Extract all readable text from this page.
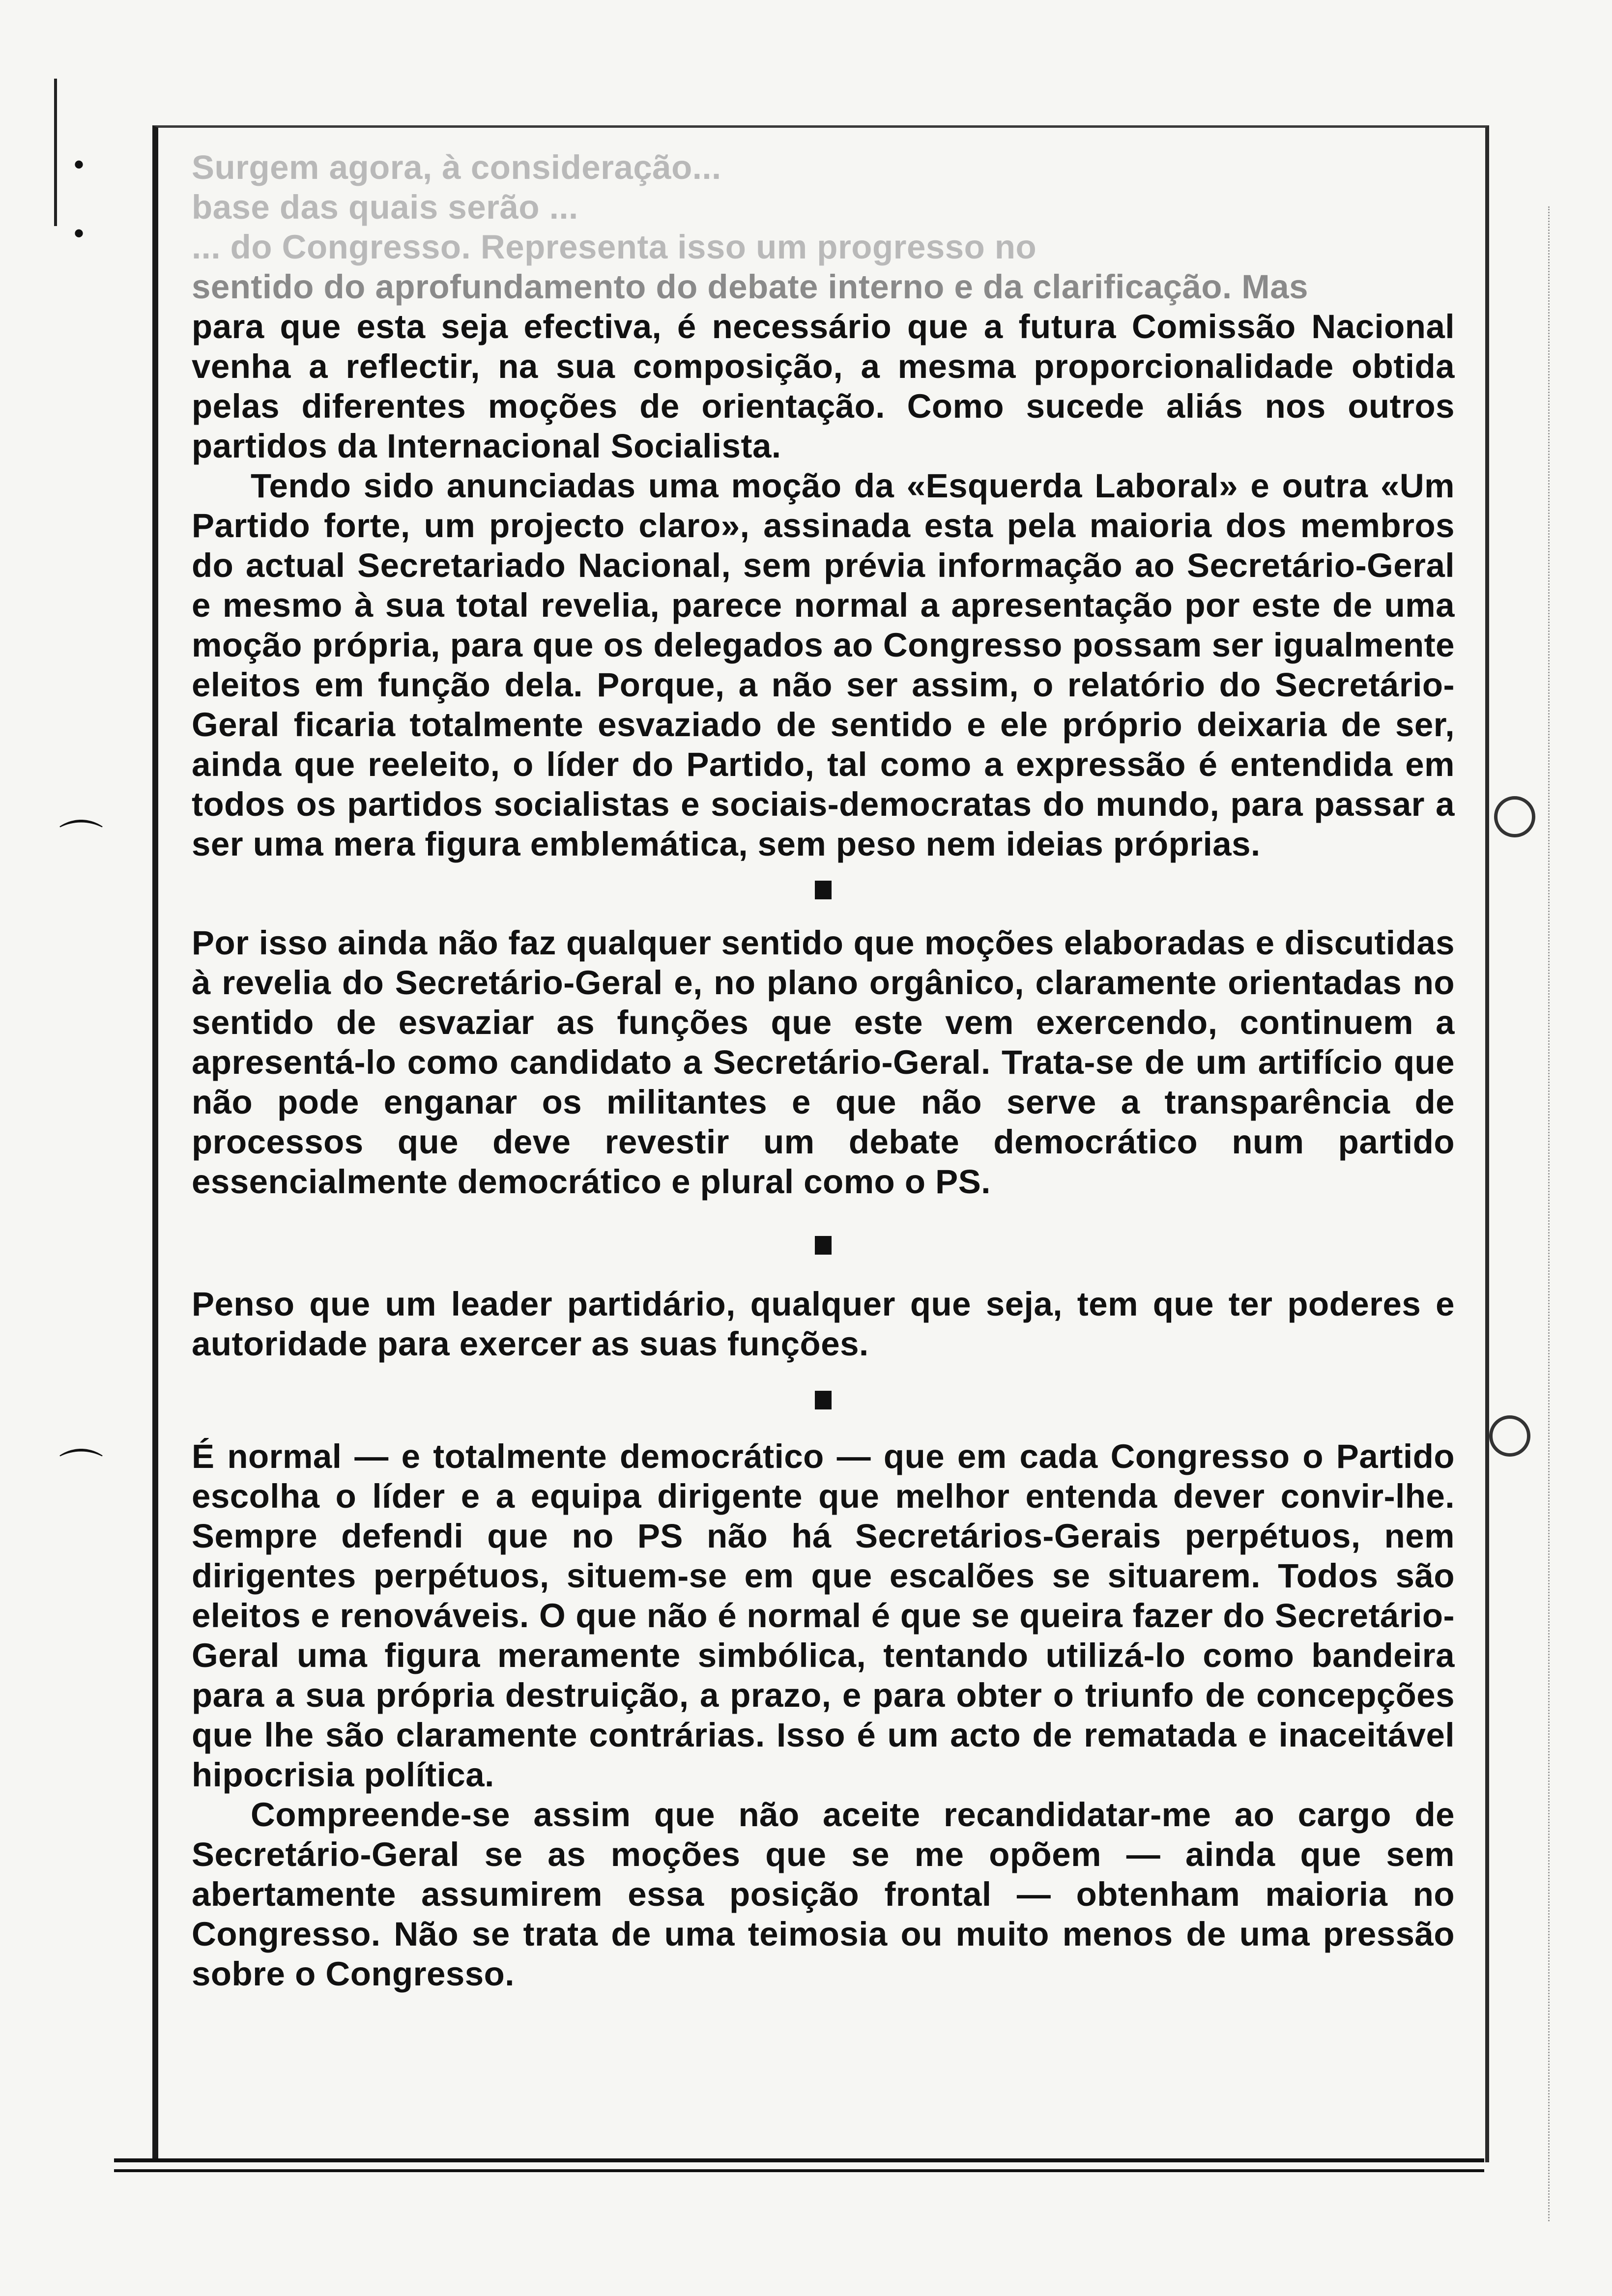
•
•
⌒
⌒

Surgem agora, à consideração...

base das quais serão ...

... do Congresso. Representa isso um progresso no

sentido do aprofundamento do debate interno e da clarificação. Mas

para que esta seja efectiva, é necessário que a futura Comissão Nacional venha a reflectir, na sua composição, a mesma proporcionalidade obtida pelas diferentes moções de orientação. Como sucede aliás nos outros partidos da Internacional Socialista.

Tendo sido anunciadas uma moção da «Esquerda Laboral» e outra «Um Partido forte, um projecto claro», assinada esta pela maioria dos membros do actual Secretariado Nacional, sem prévia informação ao Secretário-Geral e mesmo à sua total revelia, parece normal a apresentação por este de uma moção própria, para que os delegados ao Congresso possam ser igualmente eleitos em função dela. Porque, a não ser assim, o relatório do Secretário-Geral ficaria totalmente esvaziado de sentido e ele próprio deixaria de ser, ainda que reeleito, o líder do Partido, tal como a expressão é entendida em todos os partidos socialistas e sociais-democratas do mundo, para passar a ser uma mera figura emblemática, sem peso nem ideias próprias.

Por isso ainda não faz qualquer sentido que moções elaboradas e discutidas à revelia do Secretário-Geral e, no plano orgânico, claramente orientadas no sentido de esvaziar as funções que este vem exercendo, continuem a apresentá-lo como candidato a Secretário-Geral. Trata-se de um artifício que não pode enganar os militantes e que não serve a transparência de processos que deve revestir um debate democrático num partido essencialmente democrático e plural como o PS.

Penso que um leader partidário, qualquer que seja, tem que ter poderes e autoridade para exercer as suas funções.

É normal — e totalmente democrático — que em cada Congresso o Partido escolha o líder e a equipa dirigente que melhor entenda dever convir-lhe. Sempre defendi que no PS não há Secretários-Gerais perpétuos, nem dirigentes perpétuos, situem-se em que escalões se situarem. Todos são eleitos e renováveis. O que não é normal é que se queira fazer do Secretário-Geral uma figura meramente simbólica, tentando utilizá-lo como bandeira para a sua própria destruição, a prazo, e para obter o triunfo de concepções que lhe são claramente contrárias. Isso é um acto de rematada e inaceitável hipocrisia política.

Compreende-se assim que não aceite recandidatar-me ao cargo de Secretário-Geral se as moções que se me opõem — ainda que sem abertamente assumirem essa posição frontal — obtenham maioria no Congresso. Não se trata de uma teimosia ou muito menos de uma pressão sobre o Congresso.
